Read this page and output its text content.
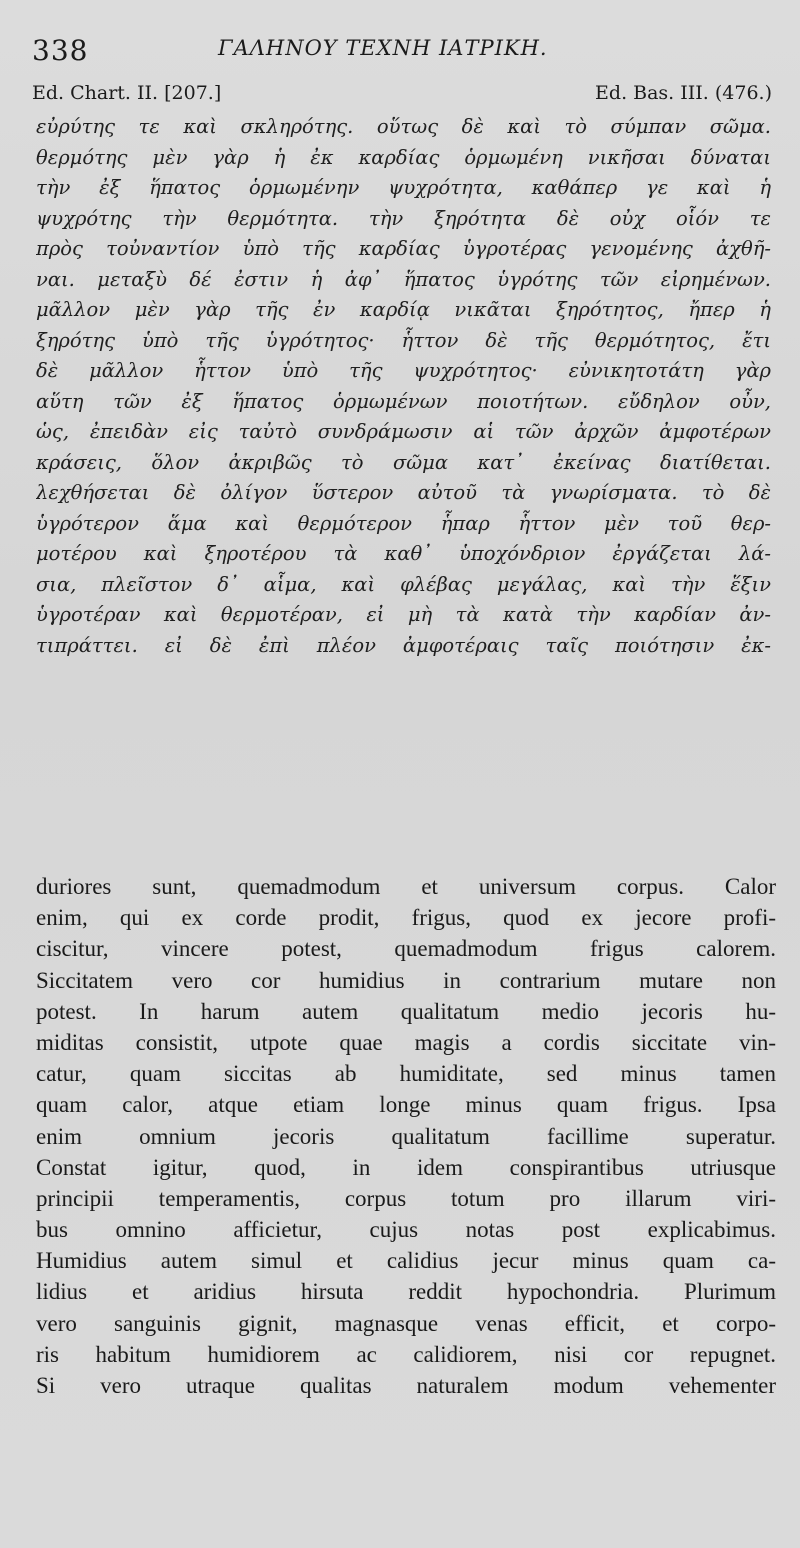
338	ΓΑΛΗΝΟΥ ΤΕΧΝΗ ΙΑΤΡΙΚΗ.
Ed. Chart. II. [207.]	Ed. Bas. III. (476.)
εὐρύτης τε καὶ σκληρότης. οὕτως δὲ καὶ τὸ σύμπαν σῶμα.
θερμότης μὲν γὰρ ἡ ἐκ καρδίας ὁρμωμένη νικῆσαι δύναται
τὴν ἐξ ἥπατος ὁρμωμένην ψυχρότητα, καθάπερ γε καὶ ἡ
ψυχρότης τὴν θερμότητα. τὴν ξηρότητα δὲ οὐχ οἷόν τε
πρὸς τοὐναντίον ὑπὸ τῆς καρδίας ὑγροτέρας γενομένης ἀχθῆ-
ναι. μεταξὺ δέ ἐστιν ἡ ἀφ᾽ ἥπατος ὑγρότης τῶν εἰρημένων.
μᾶλλον μὲν γὰρ τῆς ἐν καρδίᾳ νικᾶται ξηρότητος, ἤπερ ἡ
ξηρότης ὑπὸ τῆς ὑγρότητος· ἧττον δὲ τῆς θερμότητος, ἔτι
δὲ μᾶλλον ἧττον ὑπὸ τῆς ψυχρότητος· εὐνικητοτάτη γὰρ
αὕτη τῶν ἐξ ἥπατος ὁρμωμένων ποιοτήτων. εὔδηλον οὖν,
ὡς, ἐπειδὰν εἰς ταὐτὸ συνδράμωσιν αἱ τῶν ἀρχῶν ἀμφοτέρων
κράσεις, ὅλον ἀκριβῶς τὸ σῶμα κατ᾽ ἐκείνας διατίθεται.
λεχθήσεται δὲ ὀλίγον ὕστερον αὐτοῦ τὰ γνωρίσματα. τὸ δὲ
ὑγρότερον ἅμα καὶ θερμότερον ἧπαρ ἧττον μὲν τοῦ θερ-
μοτέρου καὶ ξηροτέρου τὰ καθ᾽ ὑποχόνδριον ἐργάζεται λά-
σια, πλεῖστον δ᾽ αἷμα, καὶ φλέβας μεγάλας, καὶ τὴν ἕξιν
ὑγροτέραν καὶ θερμοτέραν, εἰ μὴ τὰ κατὰ τὴν καρδίαν ἀν-
τιπράττει. εἰ δὲ ἐπὶ πλέον ἀμφοτέραις ταῖς ποιότησιν ἐκ-
duriores sunt, quemadmodum et universum corpus. Calor
enim, qui ex corde prodit, frigus, quod ex jecore profi-
ciscitur, vincere potest, quemadmodum frigus calorem.
Siccitatem vero cor humidius in contrarium mutare non
potest. In harum autem qualitatum medio jecoris hu-
miditas consistit, utpote quae magis a cordis siccitate vin-
catur, quam siccitas ab humiditate, sed minus tamen
quam calor, atque etiam longe minus quam frigus. Ipsa
enim omnium jecoris qualitatum facillime superatur.
Constat igitur, quod, in idem conspirantibus utriusque
principii temperamentis, corpus totum pro illarum viri-
bus omnino afficietur, cujus notas post explicabimus.
Humidius autem simul et calidius jecur minus quam ca-
lidius et aridius hirsuta reddit hypochondria. Plurimum
vero sanguinis gignit, magnasque venas efficit, et corpo-
ris habitum humidiorem ac calidiorem, nisi cor repugnet.
Si vero utraque qualitas naturalem modum vehementer
